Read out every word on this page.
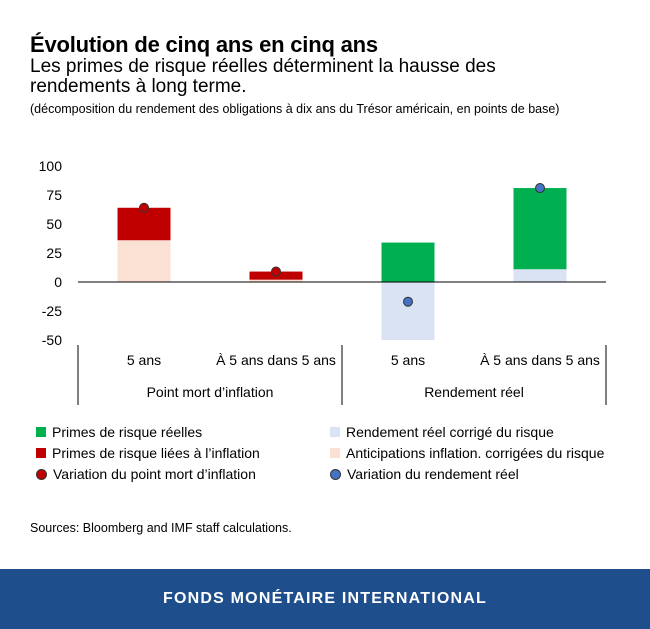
Évolution de cinq ans en cinq ans
Les primes de risque réelles déterminent la hausse des rendements à long terme.
(décomposition du rendement des obligations à dix ans du Trésor américain, en points de base)
100
75
50
25
0
-25
-50
5 ans	À 5 ans dans 5 ans	5 ans	À 5 ans dans 5 ans
Point mort d’inflation	Rendement réel
Primes de risque réelles	Rendement réel corrigé du risque
Primes de risque liées à l’inflation	Anticipations inflation. corrigées du risque
Variation du point mort d’inflation	Variation du rendement réel
Sources: Bloomberg and IMF staff calculations.
FONDS MONÉTAIRE INTERNATIONAL
